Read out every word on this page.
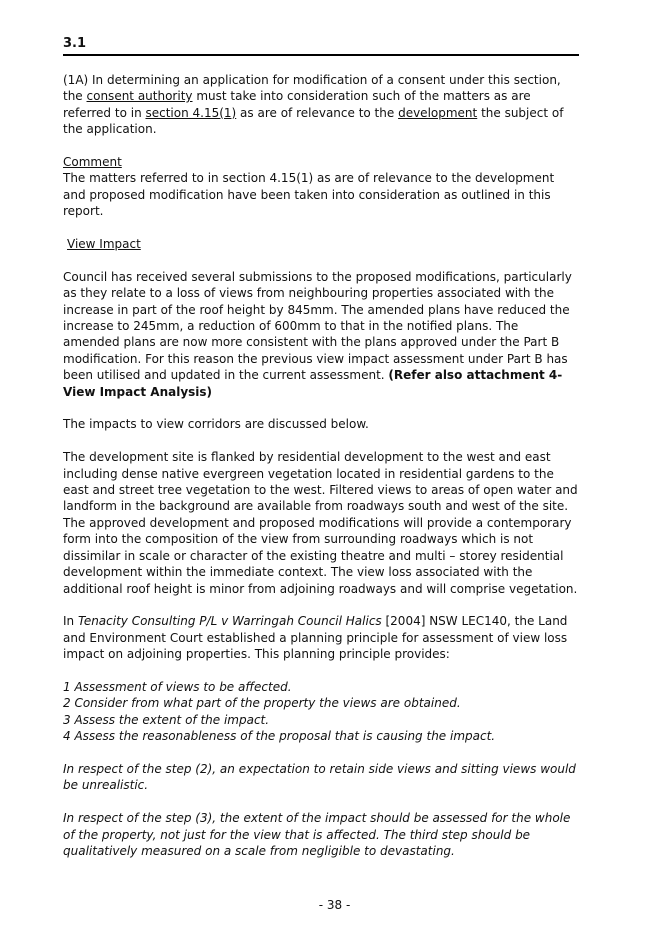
3.1

(1A) In determining an application for modification of a consent under this section, the consent authority must take into consideration such of the matters as are referred to in section 4.15(1) as are of relevance to the development the subject of the application.

Comment

The matters referred to in section 4.15(1) as are of relevance to the development and proposed modification have been taken into consideration as outlined in this report.

View Impact

Council has received several submissions to the proposed modifications, particularly as they relate to a loss of views from neighbouring properties associated with the increase in part of the roof height by 845mm. The amended plans have reduced the increase to 245mm, a reduction of 600mm to that in the notified plans. The amended plans are now more consistent with the plans approved under the Part B modification. For this reason the previous view impact assessment under Part B has been utilised and updated in the current assessment. (Refer also attachment 4- View Impact Analysis)

The impacts to view corridors are discussed below.

The development site is flanked by residential development to the west and east including dense native evergreen vegetation located in residential gardens to the east and street tree vegetation to the west. Filtered views to areas of open water and landform in the background are available from roadways south and west of the site. The approved development and proposed modifications will provide a contemporary form into the composition of the view from surrounding roadways which is not dissimilar in scale or character of the existing theatre and multi – storey residential development within the immediate context. The view loss associated with the additional roof height is minor from adjoining roadways and will comprise vegetation.

In Tenacity Consulting P/L v Warringah Council Halics [2004] NSW LEC140, the Land and Environment Court established a planning principle for assessment of view loss impact on adjoining properties. This planning principle provides:

1 Assessment of views to be affected.
2 Consider from what part of the property the views are obtained.
3 Assess the extent of the impact.
4 Assess the reasonableness of the proposal that is causing the impact.

In respect of the step (2), an expectation to retain side views and sitting views would be unrealistic.

In respect of the step (3), the extent of the impact should be assessed for the whole of the property, not just for the view that is affected. The third step should be qualitatively measured on a scale from negligible to devastating.

- 38 -
